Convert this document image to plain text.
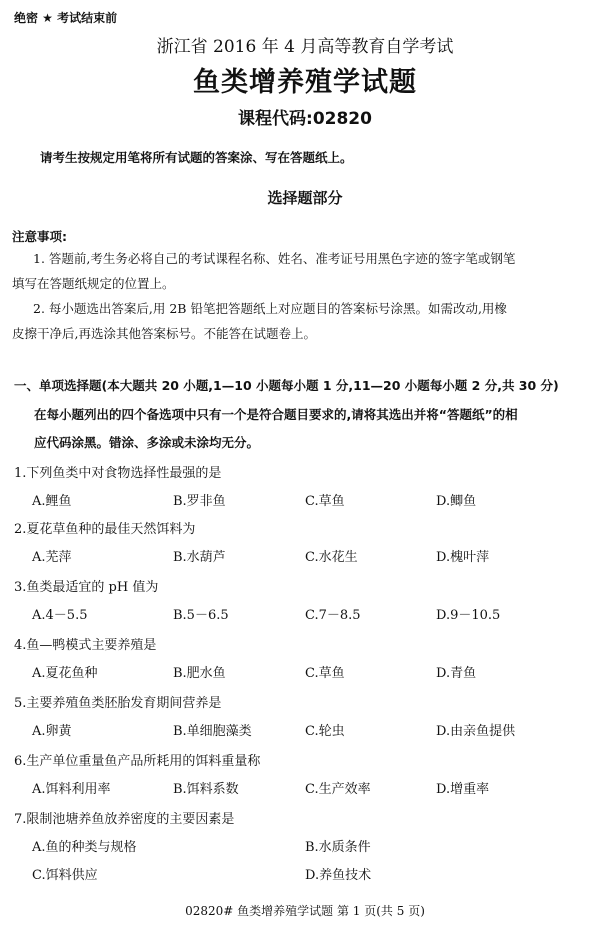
绝密 ★ 考试结束前
浙江省 2016 年 4 月高等教育自学考试
鱼类增养殖学试题
课程代码:02820
请考生按规定用笔将所有试题的答案涂、写在答题纸上。
选择题部分
注意事项:
1. 答题前,考生务必将自己的考试课程名称、姓名、准考证号用黑色字迹的签字笔或钢笔
填写在答题纸规定的位置上。
2. 每小题选出答案后,用 2B 铅笔把答题纸上对应题目的答案标号涂黑。如需改动,用橡
皮擦干净后,再选涂其他答案标号。不能答在试题卷上。
一、单项选择题(本大题共 20 小题,1—10 小题每小题 1 分,11—20 小题每小题 2 分,共 30 分)
在每小题列出的四个备选项中只有一个是符合题目要求的,请将其选出并将“答题纸”的相
应代码涂黑。错涂、多涂或未涂均无分。
1.下列鱼类中对食物选择性最强的是
A.鲤鱼	B.罗非鱼	C.草鱼	D.鲫鱼
2.夏花草鱼种的最佳天然饵料为
A.芜萍	B.水葫芦	C.水花生	D.槐叶萍
3.鱼类最适宜的 pH 值为
A.4－5.5	B.5－6.5	C.7－8.5	D.9－10.5
4.鱼—鸭模式主要养殖是
A.夏花鱼种	B.肥水鱼	C.草鱼	D.青鱼
5.主要养殖鱼类胚胎发育期间营养是
A.卵黄	B.单细胞藻类	C.轮虫	D.由亲鱼提供
6.生产单位重量鱼产品所耗用的饵料重量称
A.饵料利用率	B.饵料系数	C.生产效率	D.增重率
7.限制池塘养鱼放养密度的主要因素是
A.鱼的种类与规格	B.水质条件
C.饵料供应	D.养鱼技术
02820# 鱼类增养殖学试题 第 1 页(共 5 页)
